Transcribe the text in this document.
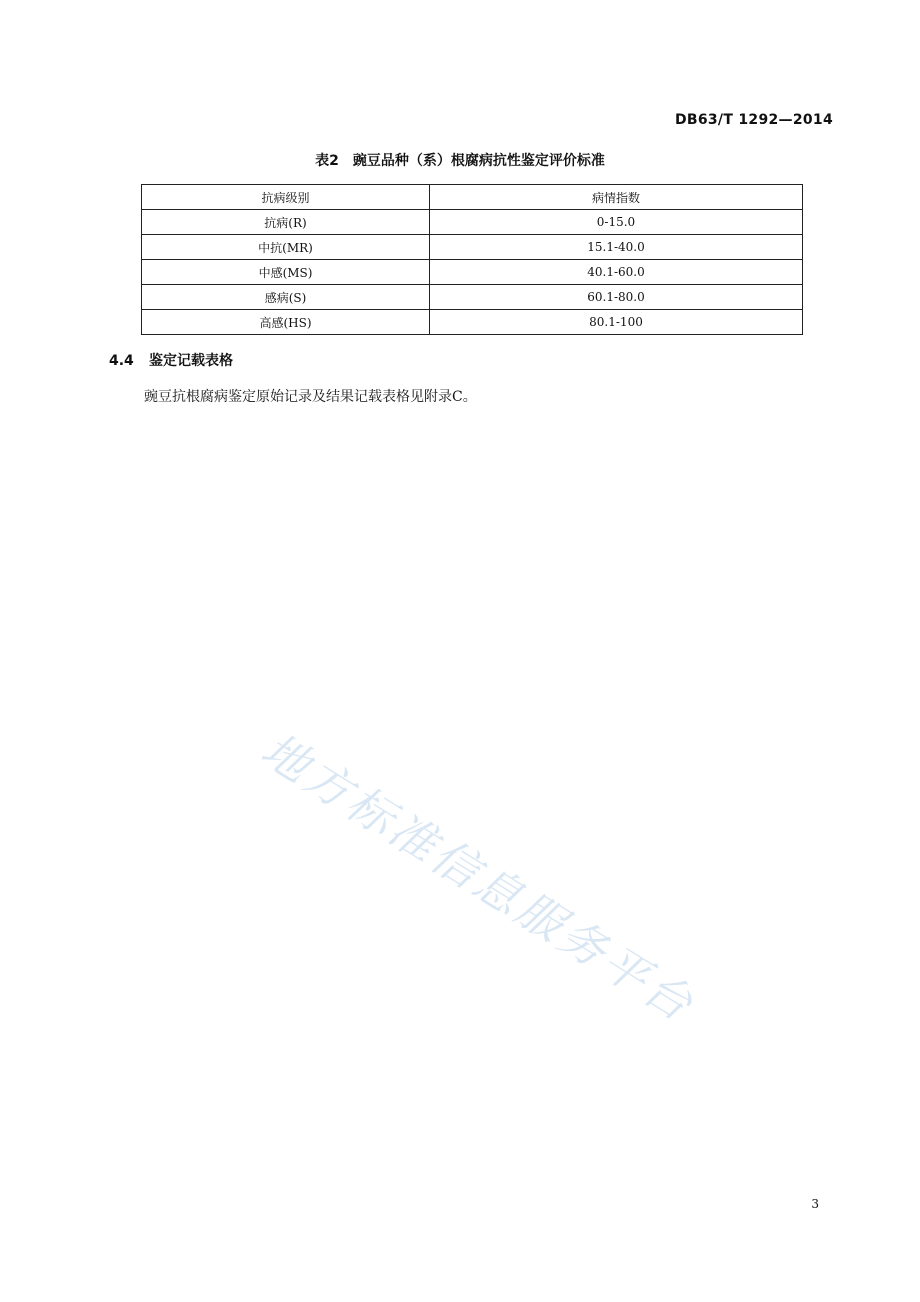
DB63/T 1292—2014
表2 豌豆品种（系）根腐病抗性鉴定评价标准
抗病级别	病情指数
抗病(R)	0-15.0
中抗(MR)	15.1-40.0
中感(MS)	40.1-60.0
感病(S)	60.1-80.0
高感(HS)	80.1-100
4.4 鉴定记载表格
豌豆抗根腐病鉴定原始记录及结果记载表格见附录C。
地方标准信息服务平台
3
